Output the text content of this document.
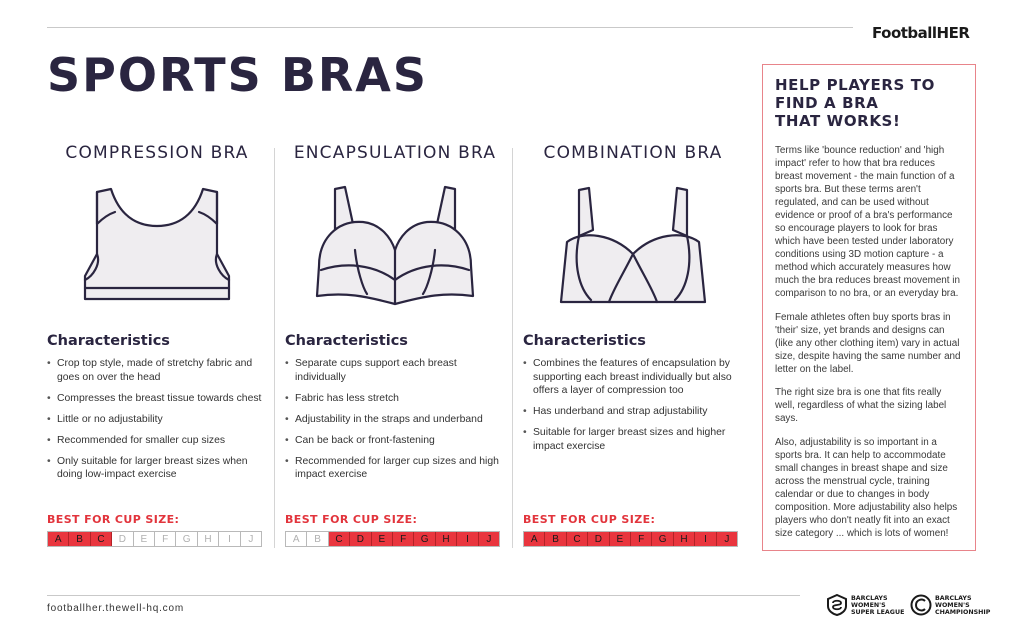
FootballHER
SPORTS BRAS
COMPRESSION BRA
Characteristics
• Crop top style, made of stretchy fabric and goes on over the head
• Compresses the breast tissue towards chest
• Little or no adjustability
• Recommended for smaller cup sizes
• Only suitable for larger breast sizes when doing low-impact exercise
BEST FOR CUP SIZE:
A	B	C	D	E	F	G	H	I	J
ENCAPSULATION BRA
Characteristics
• Separate cups support each breast individually
• Fabric has less stretch
• Adjustability in the straps and underband
• Can be back or front-fastening
• Recommended for larger cup sizes and high impact exercise
BEST FOR CUP SIZE:
A	B	C	D	E	F	G	H	I	J
COMBINATION BRA
Characteristics
• Combines the features of encapsulation by supporting each breast individually but also offers a layer of compression too
• Has underband and strap adjustability
• Suitable for larger breast sizes and higher impact exercise
BEST FOR CUP SIZE:
A	B	C	D	E	F	G	H	I	J
HELP PLAYERS TO
FIND A BRA
THAT WORKS!

Terms like 'bounce reduction' and 'high impact' refer to how that bra reduces breast movement - the main function of a sports bra. But these terms aren't regulated, and can be used without evidence or proof of a bra's performance so encourage players to look for bras which have been tested under laboratory conditions using 3D motion capture - a method which accurately measures how much the bra reduces breast movement in comparison to no bra, or an everyday bra.

Female athletes often buy sports bras in 'their' size, yet brands and designs can (like any other clothing item) vary in actual size, despite having the same number and letter on the label.

The right size bra is one that fits really well, regardless of what the sizing label says.

Also, adjustability is so important in a sports bra. It can help to accommodate small changes in breast shape and size across the menstrual cycle, training calendar or due to changes in body composition. More adjustability also helps players who don't neatly fit into an exact size category ... which is lots of women!

footballher.thewell-hq.com
BARCLAYS
WOMEN'S
SUPER LEAGUE
BARCLAYS
WOMEN'S
CHAMPIONSHIP
